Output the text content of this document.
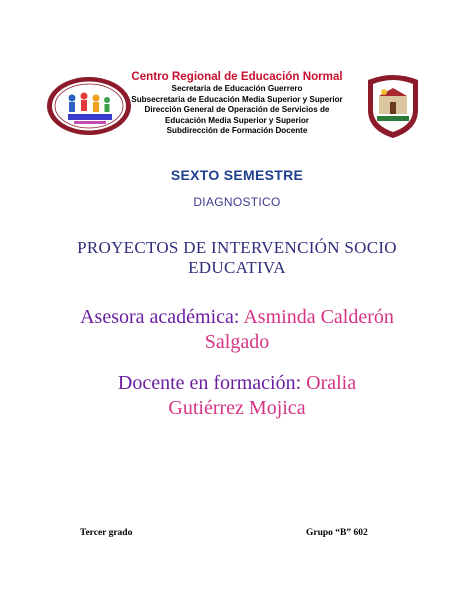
Centro Regional de Educación Normal
Secretaria de Educación Guerrero
Subsecretaria de Educación Media Superior y Superior
Dirección General de Operación de Servicios de
Educación Media Superior y Superior
Subdirección de Formación Docente
SEXTO SEMESTRE
DIAGNOSTICO
PROYECTOS DE INTERVENCIÓN SOCIO
EDUCATIVA
Asesora académica: Asminda Calderón
Salgado
Docente en formación: Oralia
Gutiérrez Mojica
Tercer grado	Grupo “B” 602
